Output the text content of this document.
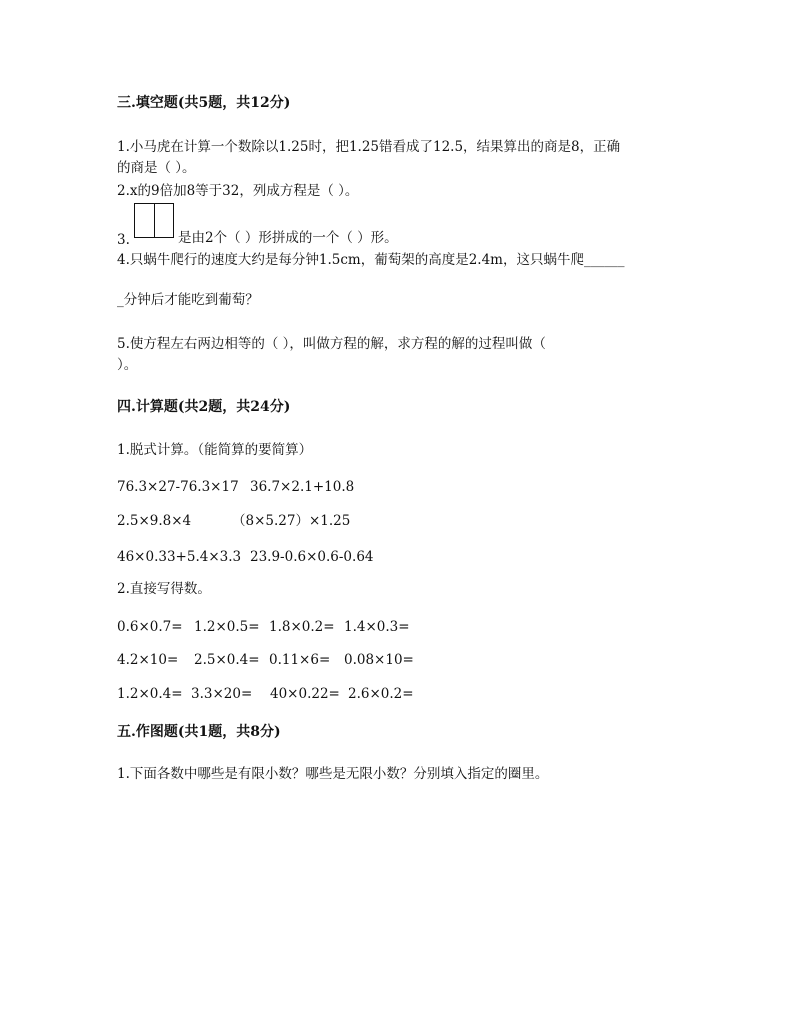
三.填空题(共5题，共12分)
1.小马虎在计算一个数除以1.25时，把1.25错看成了12.5，结果算出的商是8，正确
的商是（ ）。
2.x的9倍加8等于32，列成方程是（ ）。
3.	是由2个（ ）形拼成的一个（ ）形。
4.只蜗牛爬行的速度大约是每分钟1.5cm，葡萄架的高度是2.4m，这只蜗牛爬______
_分钟后才能吃到葡萄？
5.使方程左右两边相等的（ ），叫做方程的解，求方程的解的过程叫做（
）。
四.计算题(共2题，共24分)
1.脱式计算。（能简算的要简算）
76.3×27-76.3×17 36.7×2.1+10.8
2.5×9.8×4	（8×5.27）×1.25
46×0.33+5.4×3.3 23.9-0.6×0.6-0.64
2.直接写得数。
0.6×0.7= 1.2×0.5= 1.8×0.2= 1.4×0.3=
4.2×10= 2.5×0.4= 0.11×6= 0.08×10=
1.2×0.4= 3.3×20= 40×0.22= 2.6×0.2=
五.作图题(共1题，共8分)
1.下面各数中哪些是有限小数？哪些是无限小数？分别填入指定的圈里。
